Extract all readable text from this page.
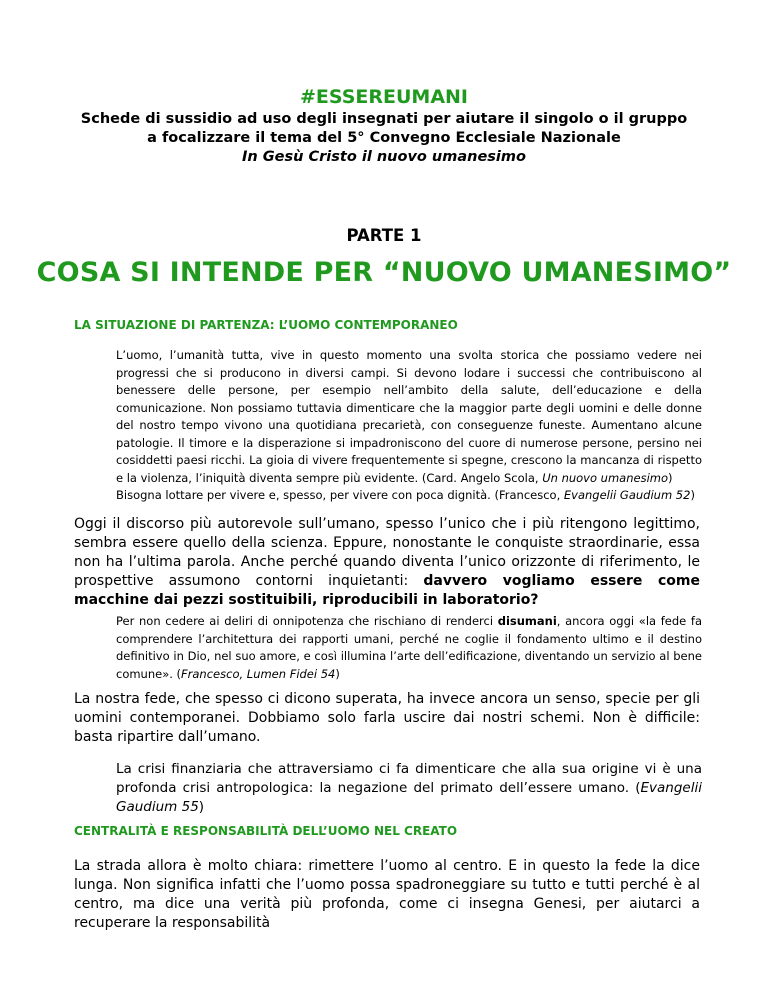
#ESSEREUMANI
Schede di sussidio ad uso degli insegnati per aiutare il singolo o il gruppo
a focalizzare il tema del 5° Convegno Ecclesiale Nazionale
In Gesù Cristo il nuovo umanesimo
PARTE 1
COSA SI INTENDE PER “NUOVO UMANESIMO”
LA SITUAZIONE DI PARTENZA: L’UOMO CONTEMPORANEO
L’uomo, l’umanità tutta, vive in questo momento una svolta storica che possiamo vedere nei progressi che si producono in diversi campi. Si devono lodare i successi che contribuiscono al benessere delle persone, per esempio nell’ambito della salute, dell’educazione e della comunicazione. Non possiamo tuttavia dimenticare che la maggior parte degli uomini e delle donne del nostro tempo vivono una quotidiana precarietà, con conseguenze funeste. Aumentano alcune patologie. Il timore e la disperazione si impadroniscono del cuore di numerose persone, persino nei cosiddetti paesi ricchi. La gioia di vivere frequentemente si spegne, crescono la mancanza di rispetto e la violenza, l’iniquità diventa sempre più evidente. (Card. Angelo Scola, Un nuovo umanesimo)
Bisogna lottare per vivere e, spesso, per vivere con poca dignità. (Francesco, Evangelii Gaudium 52)
Oggi il discorso più autorevole sull’umano, spesso l’unico che i più ritengono legittimo, sembra essere quello della scienza. Eppure, nonostante le conquiste straordinarie, essa non ha l’ultima parola. Anche perché quando diventa l’unico orizzonte di riferimento, le prospettive assumono contorni inquietanti: davvero vogliamo essere come macchine dai pezzi sostituibili, riproducibili in laboratorio?
Per non cedere ai deliri di onnipotenza che rischiano di renderci disumani, ancora oggi «la fede fa comprendere l’architettura dei rapporti umani, perché ne coglie il fondamento ultimo e il destino definitivo in Dio, nel suo amore, e così illumina l’arte dell’edificazione, diventando un servizio al bene comune». (Francesco, Lumen Fidei 54)
La nostra fede, che spesso ci dicono superata, ha invece ancora un senso, specie per gli uomini contemporanei. Dobbiamo solo farla uscire dai nostri schemi. Non è difficile: basta ripartire dall’umano.
La crisi finanziaria che attraversiamo ci fa dimenticare che alla sua origine vi è una profonda crisi antropologica: la negazione del primato dell’essere umano. (Evangelii Gaudium 55)
CENTRALITÀ E RESPONSABILITÀ DELL’UOMO NEL CREATO
La strada allora è molto chiara: rimettere l’uomo al centro. E in questo la fede la dice lunga. Non significa infatti che l’uomo possa spadroneggiare su tutto e tutti perché è al centro, ma dice una verità più profonda, come ci insegna Genesi, per aiutarci a recuperare la responsabilità
